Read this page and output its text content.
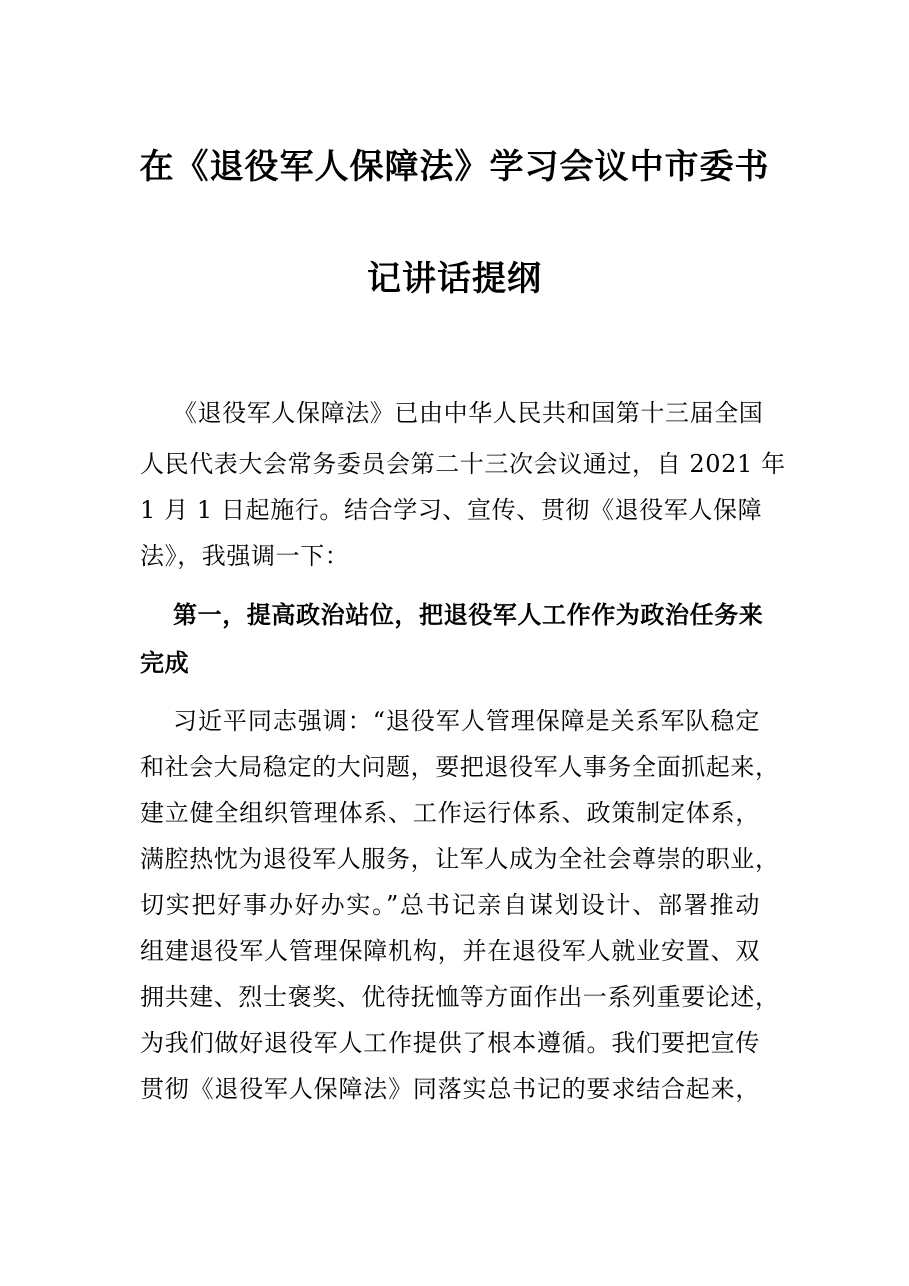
在《退役军人保障法》学习会议中市委书
记讲话提纲
《退役军人保障法》已由中华人民共和国第十三届全国
人民代表大会常务委员会第二十三次会议通过，自 2021 年
1 月 1 日起施行。结合学习、宣传、贯彻《退役军人保障
法》，我强调一下：
第一，提高政治站位，把退役军人工作作为政治任务来
完成
习近平同志强调：“退役军人管理保障是关系军队稳定
和社会大局稳定的大问题，要把退役军人事务全面抓起来，
建立健全组织管理体系、工作运行体系、政策制定体系，
满腔热忱为退役军人服务，让军人成为全社会尊崇的职业，
切实把好事办好办实。”总书记亲自谋划设计、部署推动
组建退役军人管理保障机构，并在退役军人就业安置、双
拥共建、烈士褒奖、优待抚恤等方面作出一系列重要论述，
为我们做好退役军人工作提供了根本遵循。我们要把宣传
贯彻《退役军人保障法》同落实总书记的要求结合起来，
